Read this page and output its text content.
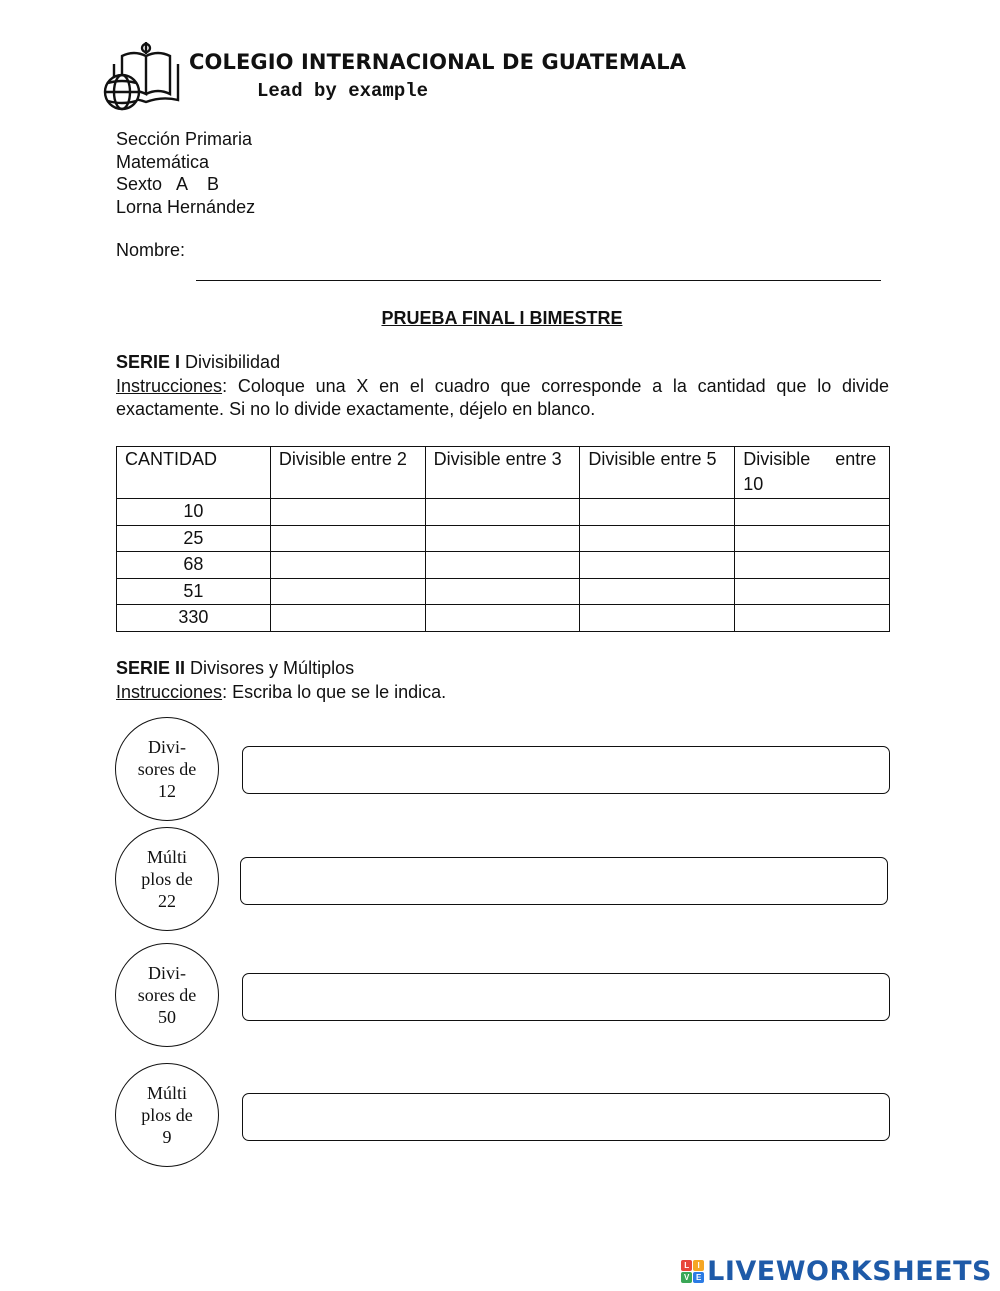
COLEGIO INTERNACIONAL DE GUATEMALA
Lead by example
Sección Primaria
Matemática
Sexto   A    B
Lorna Hernández
Nombre:
PRUEBA FINAL I BIMESTRE
SERIE I Divisibilidad
Instrucciones: Coloque una X en el cuadro que corresponde a la cantidad que lo divide exactamente. Si no lo divide exactamente, déjelo en blanco.
CANTIDAD	Divisible entre 2	Divisible entre 3	Divisible entre 5	Divisible entre 10
10				
25				
68				
51				
330				
SERIE II Divisores y Múltiplos
Instrucciones: Escriba lo que se le indica.
Divi- sores de 12
Múlti plos de 22
Divi- sores de 50
Múlti plos de 9
L	I
V E LIVEWORKSHEETS
